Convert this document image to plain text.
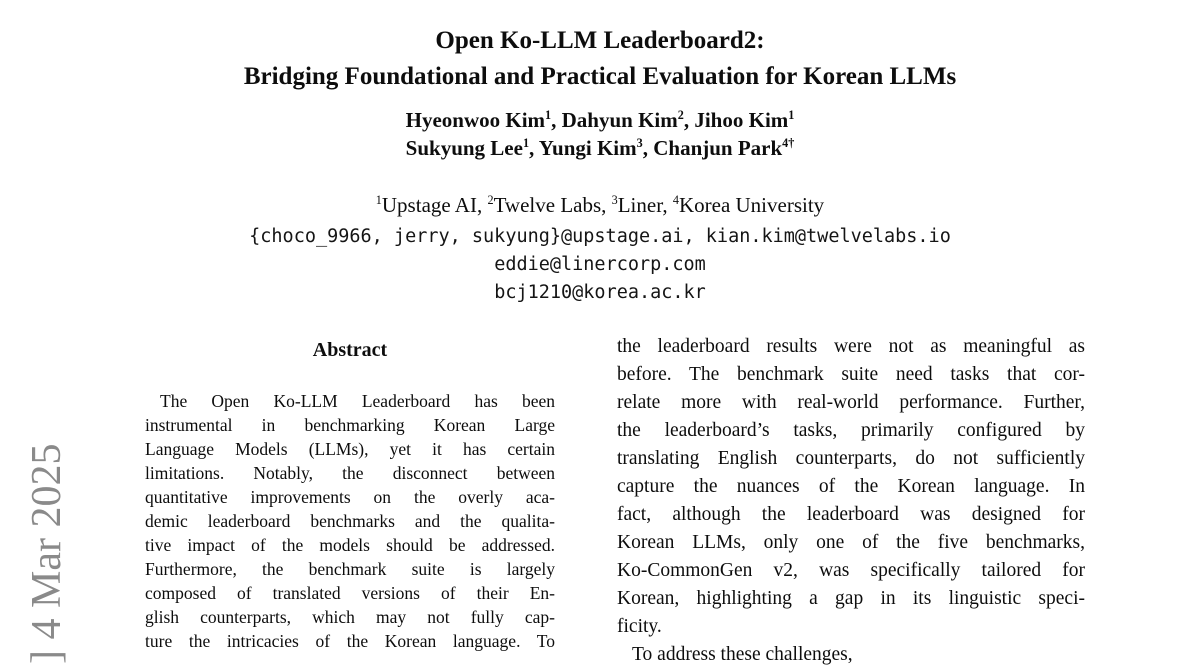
] 4 Mar 2025
Open Ko-LLM Leaderboard2:
Bridging Foundational and Practical Evaluation for Korean LLMs
Hyeonwoo Kim$^1$, Dahyun Kim$^2$, Jihoo Kim$^1$
Sukyung Lee$^1$, Yungi Kim$^3$, Chanjun Park$^{4\dagger}$
$^1$Upstage AI, $^2$Twelve Labs, $^3$Liner, $^4$Korea University
{choco_9966, jerry, sukyung}@upstage.ai, kian.kim@twelvelabs.io
eddie@linercorp.com
bcj1210@korea.ac.kr
Abstract
The Open Ko-LLM Leaderboard has been
instrumental in benchmarking Korean Large
Language Models (LLMs), yet it has certain
limitations. Notably, the disconnect between
quantitative improvements on the overly aca-
demic leaderboard benchmarks and the qualita-
tive impact of the models should be addressed.
Furthermore, the benchmark suite is largely
composed of translated versions of their En-
glish counterparts, which may not fully cap-
ture the intricacies of the Korean language. To
the leaderboard results were not as meaningful as
before. The benchmark suite need tasks that cor-
relate more with real-world performance. Further,
the leaderboard’s tasks, primarily configured by
translating English counterparts, do not sufficiently
capture the nuances of the Korean language. In
fact, although the leaderboard was designed for
Korean LLMs, only one of the five benchmarks,
Ko-CommonGen v2, was specifically tailored for
Korean, highlighting a gap in its linguistic speci-
ficity.
To address these challenges,
